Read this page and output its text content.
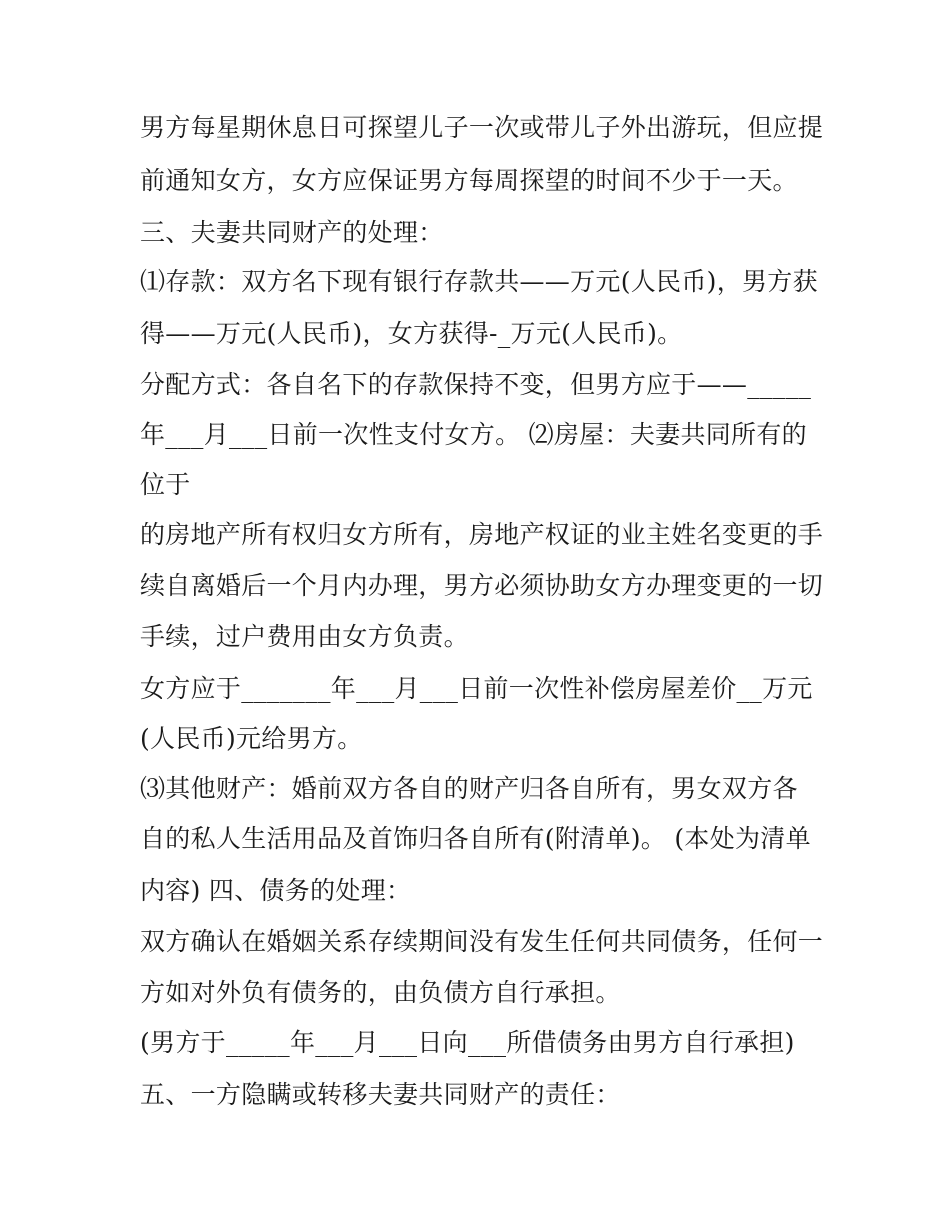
男方每星期休息日可探望儿子一次或带儿子外出游玩，但应提
前通知女方，女方应保证男方每周探望的时间不少于一天。
三、夫妻共同财产的处理：
⑴存款：双方名下现有银行存款共——万元(人民币)，男方获
得——万元(人民币)，女方获得-_万元(人民币)。
分配方式：各自名下的存款保持不变，但男方应于——_____
年___月___日前一次性支付女方。 ⑵房屋：夫妻共同所有的
位于
的房地产所有权归女方所有，房地产权证的业主姓名变更的手
续自离婚后一个月内办理，男方必须协助女方办理变更的一切
手续，过户费用由女方负责。
女方应于_______年___月___日前一次性补偿房屋差价__万元
(人民币)元给男方。
⑶其他财产：婚前双方各自的财产归各自所有，男女双方各
自的私人生活用品及首饰归各自所有(附清单)。 (本处为清单
内容) 四、债务的处理：
双方确认在婚姻关系存续期间没有发生任何共同债务，任何一
方如对外负有债务的，由负债方自行承担。
(男方于_____年___月___日向___所借债务由男方自行承担)
五、一方隐瞒或转移夫妻共同财产的责任：
